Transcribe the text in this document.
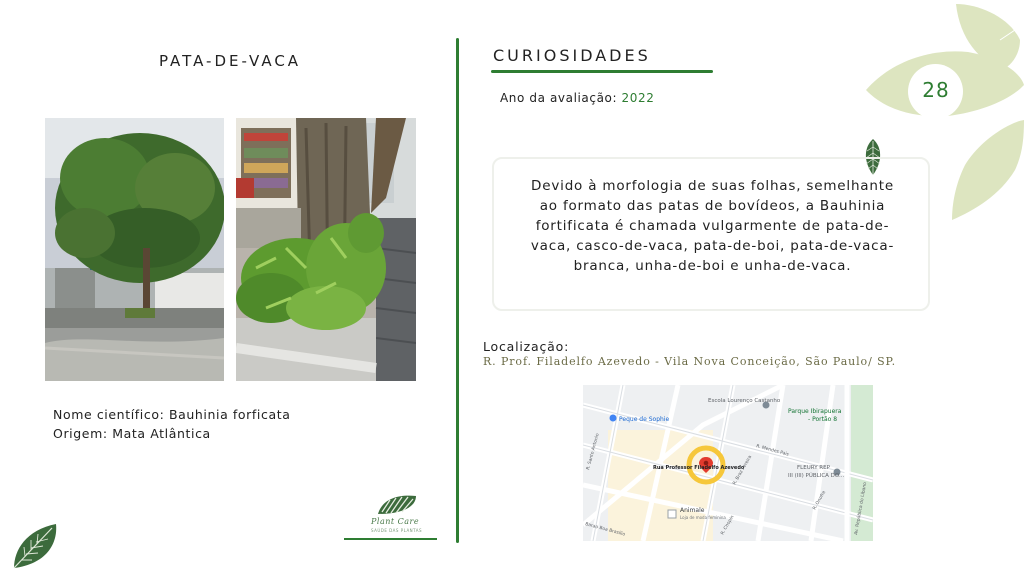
28
PATA-DE-VACA
Nome científico: Bauhinia forficata
Origem: Mata Atlântica
Plant Care
SAÚDE DAS PLANTAS
CURIOSIDADES
Ano da avaliação: 2022
Devido à morfologia de suas folhas, semelhante ao formato das patas de bovídeos, a Bauhinia fortificata é chamada vulgarmente de pata-de-vaca, casco-de-vaca, pata-de-boi, pata-de-vaca-branca, unha-de-boi e unha-de-vaca.
Localização:
R. Prof. Filadelfo Azevedo - Vila Nova Conceição, São Paulo/ SP.
Escola Lourenço Castanho
Parque Ibirapuera
- Portão 8
Peque de Sophie
Rua Professor Filadelfo Azevedo	FLEURY REP
III (III) PÚBLICA DO...
Animale
Loja de moda feminina
R. Mendes Pais
R. Santo Antonio	R. Braz Pereira
R. Chopin	Av. República do Líbano
R. Onofre
Barao Boa Brasílio
